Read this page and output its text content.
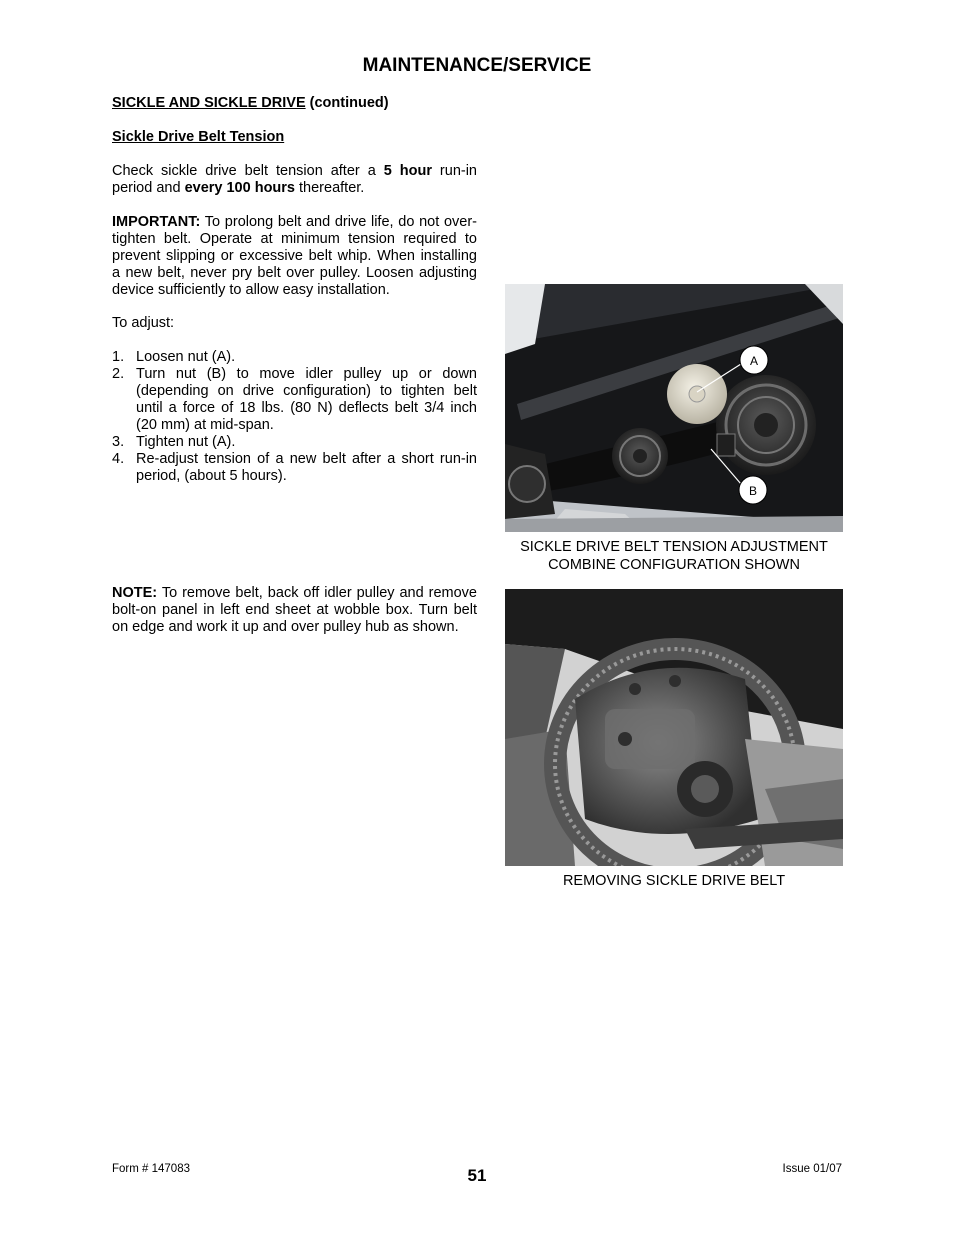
MAINTENANCE/SERVICE
SICKLE AND SICKLE DRIVE (continued)
Sickle Drive Belt Tension
Check sickle drive belt tension after a 5 hour run-in period and every 100 hours thereafter.
IMPORTANT: To prolong belt and drive life, do not over-tighten belt. Operate at minimum tension required to prevent slipping or excessive belt whip. When installing a new belt, never pry belt over pulley. Loosen adjusting device sufficiently to allow easy installation.
To adjust:
1. Loosen nut (A).
2. Turn nut (B) to move idler pulley up or down (depending on drive configuration) to tighten belt until a force of 18 lbs. (80 N) deflects belt 3/4 inch (20 mm) at mid-span.
3. Tighten nut (A).
4. Re-adjust tension of a new belt after a short run-in period, (about 5 hours).
NOTE: To remove belt, back off idler pulley and remove bolt-on panel in left end sheet at wobble box. Turn belt on edge and work it up and over pulley hub as shown.
A
B
SICKLE DRIVE BELT TENSION ADJUSTMENT
COMBINE CONFIGURATION SHOWN
REMOVING SICKLE DRIVE BELT
Form # 147083	51	Issue 01/07
